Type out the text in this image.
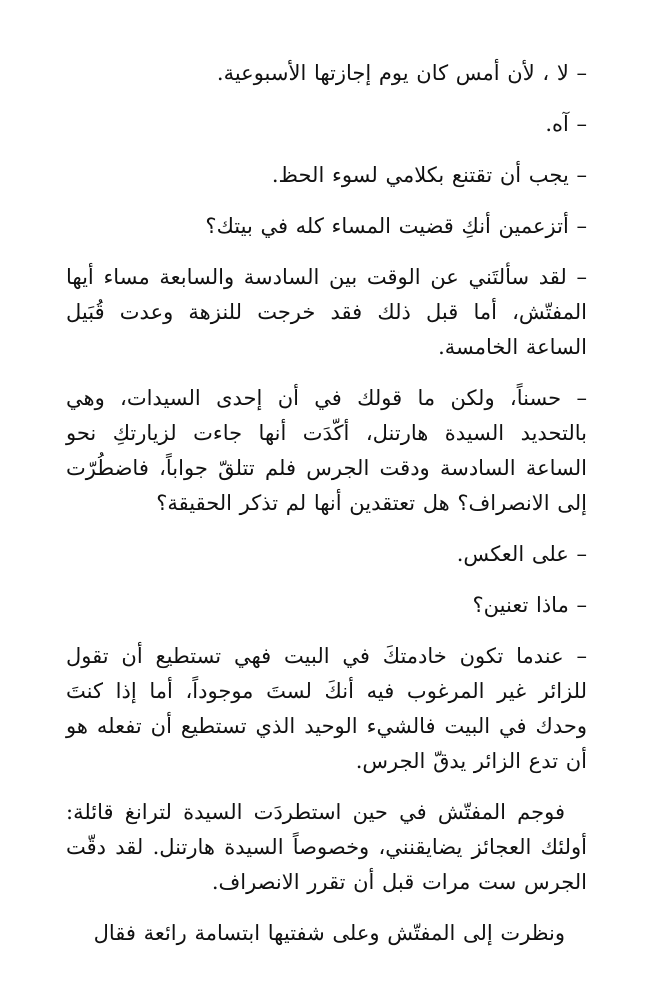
– لا ، لأن أمس كان يوم إجازتها الأسبوعية.

– آه.

– يجب أن تقتنع بكلامي لسوء الحظ.

– أتزعمين أنكِ قضيت المساء كله في بيتك؟

– لقد سألتَني عن الوقت بين السادسة والسابعة مساء أيها المفتّش، أما قبل ذلك فقد خرجت للنزهة وعدت قُبَيل الساعة الخامسة.

– حسناً، ولكن ما قولك في أن إحدى السيدات، وهي بالتحديد السيدة هارتنل، أكّدَت أنها جاءت لزيارتكِ نحو الساعة السادسة ودقت الجرس فلم تتلقّ جواباً، فاضطُرّت إلى الانصراف؟ هل تعتقدين أنها لم تذكر الحقيقة؟

– على العكس.

– ماذا تعنين؟

– عندما تكون خادمتكَ في البيت فهي تستطيع أن تقول للزائر غير المرغوب فيه أنكَ لستَ موجوداً، أما إذا كنتَ وحدك في البيت فالشيء الوحيد الذي تستطيع أن تفعله هو أن تدع الزائر يدقّ الجرس.

فوجم المفتّش في حين استطردَت السيدة لترانغ قائلة: أولئك العجائز يضايقنني، وخصوصاً السيدة هارتنل. لقد دقّت الجرس ست مرات قبل أن تقرر الانصراف.

ونظرت إلى المفتّش وعلى شفتيها ابتسامة رائعة فقال
